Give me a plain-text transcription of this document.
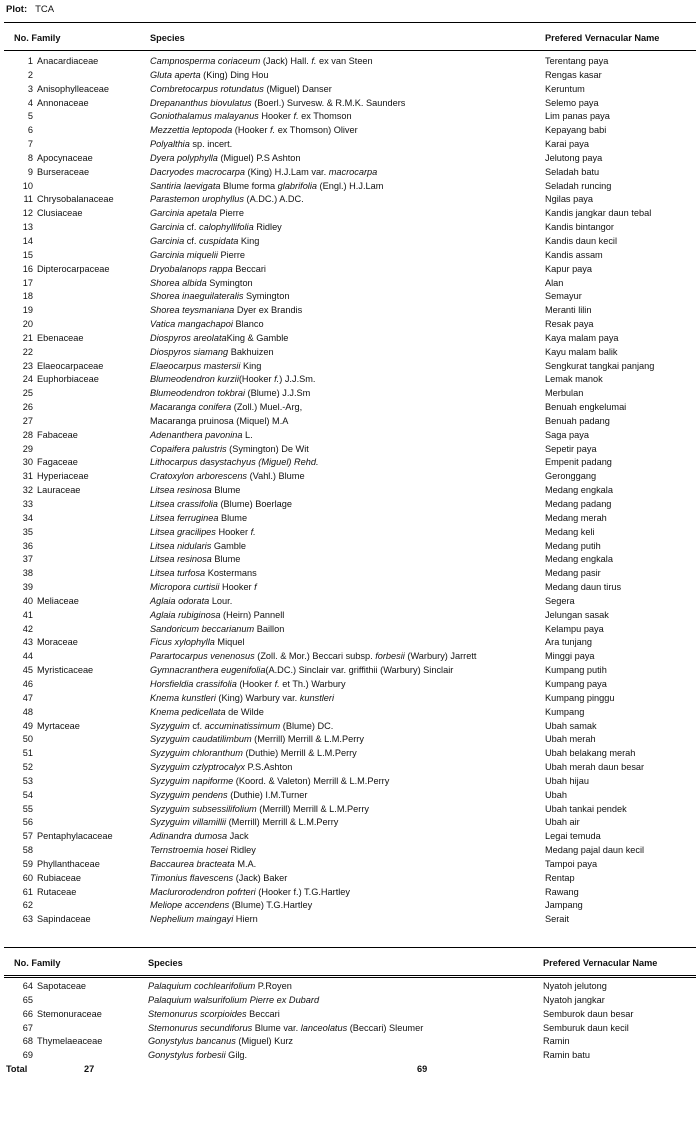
Plot: TCA
No. Family	Species	Prefered Vernacular Name
1 Anacardiaceae	Campnosperma coriaceum (Jack) Hall. f. ex van Steen	Terentang paya
2	Gluta aperta (King) Ding Hou	Rengas kasar
3 Anisophylleaceae	Combretocarpus rotundatus (Miguel) Danser	Keruntum
4 Annonaceae	Drepananthus biovulatus (Boerl.) Survesw. & R.M.K. Saunders	Selemo paya
5	Goniothalamus malayanus Hooker f. ex Thomson	Lim panas paya
6	Mezzettia leptopoda (Hooker f. ex Thomson) Oliver	Kepayang babi
7	Polyalthia sp. incert.	Karai paya
8 Apocynaceae	Dyera polyphylla (Miguel) P.S Ashton	Jelutong paya
9 Burseraceae	Dacryodes macrocarpa (King) H.J.Lam var. macrocarpa	Seladah batu
10	Santiria laevigata Blume forma glabrifolia (Engl.) H.J.Lam	Seladah runcing
11 Chrysobalanaceae	Parastemon urophyllus (A.DC.) A.DC.	Ngilas paya
12 Clusiaceae	Garcinia apetala Pierre	Kandis jangkar daun tebal
13	Garcinia cf. calophyllifolia Ridley	Kandis bintangor
14	Garcinia cf. cuspidata King	Kandis daun kecil
15	Garcinia miquelii Pierre	Kandis assam
16 Dipterocarpaceae	Dryobalanops rappa Beccari	Kapur paya
17	Shorea albida Symington	Alan
18	Shorea inaeguilateralis Symington	Semayur
19	Shorea teysmaniana Dyer ex Brandis	Meranti lilin
20	Vatica mangachapoi Blanco	Resak paya
21 Ebenaceae	Diospyros areolataKing & Gamble	Kaya malam paya
22	Diospyros siamang Bakhuizen	Kayu malam balik
23 Elaeocarpaceae	Elaeocarpus mastersii King	Sengkurat tangkai panjang
24 Euphorbiaceae	Blumeodendron kurzii(Hooker f.) J.J.Sm.	Lemak manok
25	Blumeodendron tokbrai (Blume) J.J.Sm	Merbulan
26	Macaranga conifera (Zoll.) Muel.-Arg,	Benuah engkelumai
27	Macaranga pruinosa (Miquel) M.A	Benuah padang
28 Fabaceae	Adenanthera pavonina L.	Saga paya
29	Copaifera palustris (Symington) De Wit	Sepetir paya
30 Fagaceae	Lithocarpus dasystachyus (Miguel) Rehd.	Empenit padang
31 Hyperiaceae	Cratoxylon arborescens (Vahl.) Blume	Geronggang
32 Lauraceae	Litsea resinosa Blume	Medang engkala
33	Litsea crassifolia (Blume) Boerlage	Medang padang
34	Litsea ferruginea Blume	Medang merah
35	Litsea gracilipes Hooker f.	Medang keli
36	Litsea nidularis Gamble	Medang putih
37	Litsea resinosa Blume	Medang engkala
38	Litsea turfosa Kostermans	Medang pasir
39	Micropora curtisii Hooker f	Medang daun tirus
40 Meliaceae	Aglaia odorata Lour.	Segera
41	Aglaia rubiginosa (Heirn) Pannell	Jelungan sasak
42	Sandoricum beccarianum Baillon	Kelampu paya
43 Moraceae	Ficus xylophylla Miquel	Ara tunjang
44	Parartocarpus venenosus (Zoll. & Mor.) Beccari subsp. forbesii (Warbury) Jarrett	Minggi paya
45 Myristicaceae	Gymnacranthera eugenifolia(A.DC.) Sinclair var. griffithii (Warbury) Sinclair	Kumpang putih
46	Horsfieldia crassifolia (Hooker f. et Th.) Warbury	Kumpang paya
47	Knema kunstleri (King) Warbury var. kunstleri	Kumpang pinggu
48	Knema pedicellata de Wilde	Kumpang
49 Myrtaceae	Syzyguim cf. accuminatissimum (Blume) DC.	Ubah samak
50	Syzyguim caudatilimbum (Merrill) Merrill & L.M.Perry	Ubah merah
51	Syzyguim chloranthum (Duthie) Merrill & L.M.Perry	Ubah belakang merah
52	Syzyguim czlyptrocalyx P.S.Ashton	Ubah merah daun besar
53	Syzyguim napiforme (Koord. & Valeton) Merrill & L.M.Perry	Ubah hijau
54	Syzyguim pendens (Duthie) I.M.Turner	Ubah
55	Syzyguim subsessilifolium (Merrill) Merrill & L.M.Perry	Ubah tankai pendek
56	Syzyguim villamillii (Merrill) Merrill & L.M.Perry	Ubah air
57 Pentaphylacaceae	Adinandra dumosa Jack	Legai temuda
58	Ternstroemia hosei Ridley	Medang pajal daun kecil
59 Phyllanthaceae	Baccaurea bracteata M.A.	Tampoi paya
60 Rubiaceae	Timonius flavescens (Jack) Baker	Rentap
61 Rutaceae	Maclurorodendron pofrteri (Hooker f.) T.G.Hartley	Rawang
62	Meliope accendens (Blume) T.G.Hartley	Jampang
63 Sapindaceae	Nephelium maingayi Hiern	Serait
No. Family	Species	Prefered Vernacular Name
64 Sapotaceae	Palaquium cochlearifolium P.Royen	Nyatoh jelutong
65	Palaquium walsurifolium Pierre ex Dubard	Nyatoh jangkar
66 Stemonuraceae	Stemonurus scorpioides Beccari	Semburok daun besar
67	Stemonurus secundiforus Blume var. lanceolatus (Beccari) Sleumer	Semburuk daun kecil
68 Thymelaeaceae	Gonystylus bancanus (Miguel) Kurz	Ramin
69	Gonystylus forbesii Gilg.	Ramin batu
Total	27	69
